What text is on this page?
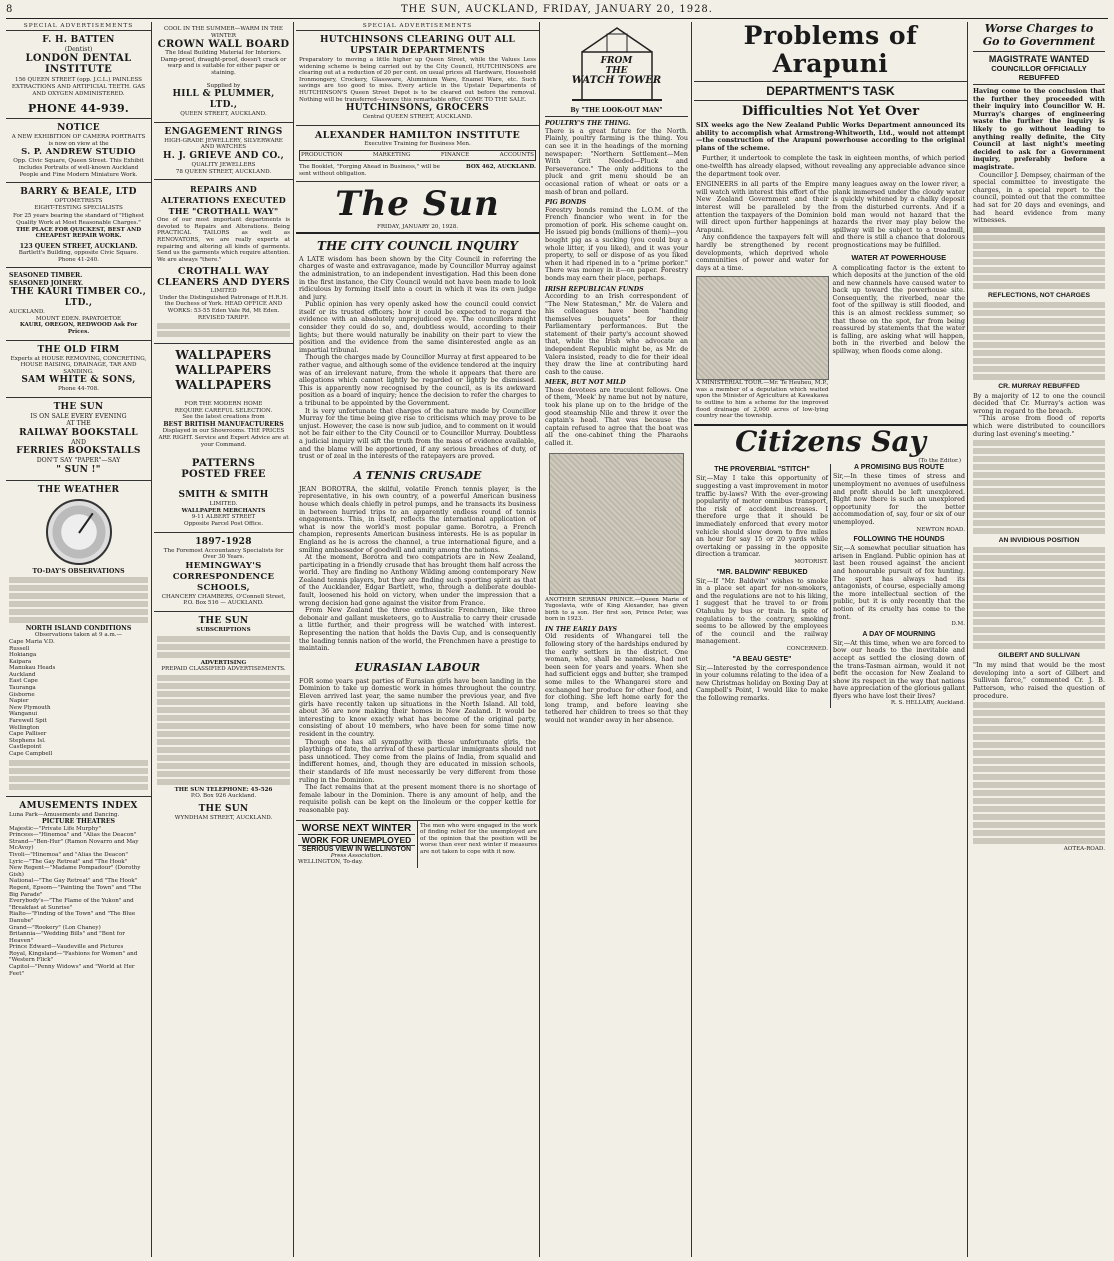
8	THE SUN, AUCKLAND, FRIDAY, JANUARY 20, 1928.
SPECIAL ADVERTISEMENTS
F. H. BATTEN
(Dentist)
LONDON DENTAL
INSTITUTE
156 QUEEN STREET (opp. J.C.L.) PAINLESS EXTRACTIONS AND ARTIFICIAL TEETH. GAS AND OXYGEN ADMINISTERED.
PHONE 44-939.
NOTICE
A NEW EXHIBITION OF CAMERA PORTRAITS is now on view at the
S. P. ANDREW STUDIO
Opp. Civic Square, Queen Street. This Exhibit includes Portraits of well-known Auckland People and Fine Modern Miniature Work.
BARRY & BEALE, LTD
OPTOMETRISTS
EIGHT-TESTING SPECIALISTS
For 25 years bearing the standard of "Highest Quality Work at Most Reasonable Charges."
THE PLACE FOR QUICKEST, BEST AND CHEAPEST REPAIR WORK.
123 QUEEN STREET, AUCKLAND.
Bartlett's Building, opposite Civic Square.
Phone 41-240.
SEASONED TIMBER.
SEASONED JOINERY.
THE KAURI TIMBER CO., LTD.,
AUCKLAND.
MOUNT EDEN. PAPATOETOE
KAURI, OREGON, REDWOOD Ask For Prices.
THE OLD FIRM
Experts at HOUSE REMOVING, CONCRETING, HOUSE RAISING, DRAINAGE, TAR AND SANDING.
SAM WHITE & SONS,
Phone 44-708.
THE SUN
IS ON SALE EVERY EVENING
AT THE
RAILWAY BOOKSTALL
AND
FERRIES BOOKSTALLS
DON'T SAY "PAPER"—SAY
" SUN !"
THE WEATHER
TO-DAY'S OBSERVATIONS
NORTH ISLAND CONDITIONS
Observations taken at 9 a.m.—
Cape Maria V.D.
Russell
Hokianga
Kaipara
Manukau Heads
Auckland
East Cape
Tauranga
Gisborne
Napier
New Plymouth
Wanganui
Farewell Spit
Wellington
Cape Palliser
Stephens Isl.
Castlepoint
Cape Campbell
AMUSEMENTS INDEX
Luna Park—Amusements and Dancing.
PICTURE THEATRES
Majestic—"Private Life Murphy"
Princess—"Hinemoa" and "Alias the Deacon"
Strand—"Ben-Hur" (Ramon Novarro and May McAvoy)
Tivoli—"Hinemoa" and "Alias the Deacon"
Lyric—"The Gay Retreat" and "The Hook"
New Regent—"Madame Pompadour" (Dorothy Gish)
National—"The Gay Retreat" and "The Hook"
Regent, Epsom—"Painting the Town" and "The Big Parade"
Everybody's—"The Flame of the Yukon" and "Breakfast at Sunrise"
Rialto—"Finding of the Town" and "The Blue Danube"
Grand—"Rookery" (Lon Chaney)
Britannia—"Wedding Bills" and "Bent for Heaven"
Prince Edward—Vaudeville and Pictures
Royal, Kingsland—"Fashions for Women" and "Western Flick"
Capitol—"Penny Widows" and "World at Her Feet"
COOL IN THE SUMMER—WARM IN THE WINTER
CROWN WALL BOARD
The Ideal Building Material for Interiors. Damp-proof, draught-proof, doesn't crack or warp and is suitable for either paper or staining.
Supplied by
HILL & PLUMMER, LTD.,
QUEEN STREET, AUCKLAND.
ENGAGEMENT RINGS
HIGH-GRADE JEWELLERY, SILVERWARE AND WATCHES
H. J. GRIEVE AND CO.,
QUALITY JEWELLERS
78 QUEEN STREET, AUCKLAND.
REPAIRS AND ALTERATIONS EXECUTED THE "CROTHALL WAY"
One of our most important departments is devoted to Repairs and Alterations. Being PRACTICAL TAILORS as well as RENOVATORS, we are really experts at repairing and altering all kinds of garments. Send us the garments which require attention. We are always "there."
CROTHALL WAY CLEANERS AND DYERS
LIMITED
Under the Distinguished Patronage of H.R.H. the Duchess of York. HEAD OFFICE AND WORKS: 53-55 Eden Vale Rd, Mt Eden. REVISED TARIFF.
WALLPAPERS
WALLPAPERS
WALLPAPERS
FOR THE MODERN HOME
REQUIRE CAREFUL SELECTION.
See the latest creations from
BEST BRITISH MANUFACTURERS
Displayed in our Showrooms. THE PRICES ARE RIGHT. Service and Expert Advice are at your Command.
PATTERNS
POSTED FREE
SMITH & SMITH
LIMITED.
WALLPAPER MERCHANTS
9-11 ALBERT STREET
Opposite Parcel Post Office.
1897-1928
The Foremost Accountancy Specialists for Over 30 Years.
HEMINGWAY'S CORRESPONDENCE SCHOOLS,
CHANCERY CHAMBERS, O'Connell Street,
P.O. Box 516 — AUCKLAND.
THE SUN
SUBSCRIPTIONS
ADVERTISING
PREPAID CLASSIFIED ADVERTISEMENTS.
THE SUN TELEPHONE: 45-526
P.O. Box 926 Auckland.
THE SUN
WYNDHAM STREET, AUCKLAND.
SPECIAL ADVERTISEMENTS
HUTCHINSONS CLEARING OUT ALL UPSTAIR DEPARTMENTS
Preparatory to moving a little higher up Queen Street, while the Values Less widening scheme is being carried out by the City Council, HUTCHINSONS are clearing out at a reduction of 20 per cent. on usual prices all Hardware, Household Ironmongery, Crockery, Glassware, Aluminium Ware, Enamel Ware, etc. Such savings are too good to miss. Every article in the Upstair Departments of HUTCHINSON'S Queen Street Depot is to be cleared out before the removal. Nothing will be transferred—hence this remarkable offer. COME TO THE SALE.
HUTCHINSONS, GROCERS
Central QUEEN STREET, AUCKLAND.
ALEXANDER HAMILTON INSTITUTE
Executive Training for Business Men.
PRODUCTION	MARKETING	FINANCE	ACCOUNTS
The Booklet, "Forging Ahead in Business," will be sent without obligation.
BOX 462, AUCKLAND.
The Sun
FRIDAY, JANUARY 20, 1928.
THE CITY COUNCIL INQUIRY
A LATE wisdom has been shown by the City Council in referring the charges of waste and extravagance, made by Councillor Murray against the administration, to an independent investigation. Had this been done in the first instance, the City Council would not have been made to look ridiculous by forming itself into a court in which it was its own judge and jury.
Public opinion has very openly asked how the council could convict itself or its trusted officers; how it could be expected to regard the evidence with an absolutely unprejudiced eye. The councillors might consider they could do so, and, doubtless would, according to their lights; but there would naturally be inability on their part to view the position and the evidence from the same disinterested angle as an impartial tribunal.
Though the charges made by Councillor Murray at first appeared to be rather vague, and although some of the evidence tendered at the inquiry was of an irrelevant nature, from the whole it appears that there are allegations which cannot lightly be regarded or lightly be dismissed. This is apparently now recognised by the council, as is its awkward position as a board of inquiry; hence the decision to refer the charges to a tribunal to be appointed by the Government.
It is very unfortunate that charges of the nature made by Councillor Murray for the time being give rise to criticisms which may prove to be unjust. However, the case is now sub judice, and to comment on it would not be fair either to the City Council or to Councillor Murray. Doubtless a judicial inquiry will sift the truth from the mass of evidence available, and the blame will be apportioned, if any serious breaches of duty, of trust or of zeal in the interests of the ratepayers are proved.
A TENNIS CRUSADE
JEAN BOROTRA, the skilful, volatile French tennis player, is the representative, in his own country, of a powerful American business house which deals chiefly in petrol pumps, and he transacts its business in between hurried trips to an apparently endless round of tennis engagements. This, in itself, reflects the international application of what is now the world's most popular game. Borotra, a French champion, represents American business interests. He is as popular in England as he is across the channel, a true international figure, and a smiling ambassador of goodwill and amity among the nations.
At the moment, Borotra and two compatriots are in New Zealand, participating in a friendly crusade that has brought them half across the world. They are finding no Anthony Wilding among contemporary New Zealand tennis players, but they are finding such sporting spirit as that of the Aucklander, Edgar Bartlett, who, through a deliberate double-fault, loosened his hold on victory, when under the impression that a wrong decision had gone against the visitor from France.
From New Zealand the three enthusiastic Frenchmen, like three debonair and gallant musketeers, go to Australia to carry their crusade a little further, and their progress will be watched with interest. Representing the nation that holds the Davis Cup, and is consequently the leading tennis nation of the world, the Frenchmen have a prestige to maintain.
EURASIAN LABOUR
FOR some years past parties of Eurasian girls have been landing in the Dominion to take up domestic work in homes throughout the country. Eleven arrived last year, the same number the previous year, and five girls have recently taken up situations in the North Island. All told, about 36 are now making their homes in New Zealand. It would be interesting to know exactly what has become of the original party, consisting of about 10 members, who have been for some time now resident in the country.
Though one has all sympathy with these unfortunate girls, the playthings of fate, the arrival of these particular immigrants should not pass unnoticed. They come from the plains of India, from squalid and indifferent homes, and, though they are educated in mission schools, their standards of life must necessarily be very different from those ruling in the Dominion.
The fact remains that at the present moment there is no shortage of female labour in the Dominion. There is any amount of help, and the requisite polish can be kept on the linoleum or the copper kettle for reasonable pay.
WORSE NEXT WINTER
WORK FOR UNEMPLOYED
SERIOUS VIEW IN WELLINGTON
Press Association.
WELLINGTON, To-day.
The men who were engaged in the work of finding relief for the unemployed are of the opinion that the position will be worse than ever next winter if measures are not taken to cope with it now.
FROM
THE
WATCH TOWER
By "THE LOOK-OUT MAN"
POULTRY'S THE THING.
There is a great future for the North. Plainly, poultry farming is the thing. You can see it in the headings of the morning newspaper: "Northern Settlement—Men With Grit Needed—Pluck and Perseverance." The only additions to the pluck and grit menu should be an occasional ration of wheat or oats or a mash of bran and pollard.
PIG BONDS
Forestry bonds remind the L.O.M. of the French financier who went in for the promotion of pork. His scheme caught on. He issued pig bonds (millions of them)—you bought pig as a sucking (you could buy a whole litter, if you liked), and it was your property, to sell or dispose of as you liked when it had ripened in to a "prime porker." There was money in it—on paper. Forestry bonds may earn their place, perhaps.
IRISH REPUBLICAN FUNDS
According to an Irish correspondent of "The New Statesman," Mr. de Valera and his colleagues have been "handing themselves bouquets" for their Parliamentary performances. But the statement of their party's account showed that, while the Irish who advocate an independent Republic might be, as Mr. de Valera insisted, ready to die for their ideal they draw the line at contributing hard cash to the cause.
MEEK, BUT NOT MILD
Those devotees are truculent fellows. One of them, 'Meek' by name but not by nature, took his plane up on to the bridge of the good steamship Nile and threw it over the captain's head. That was because the captain refused to agree that the boat was all the one-cabinet thing the Pharaohs called it.
ANOTHER SERBIAN PRINCE.—Queen Marie of Yugoslavia, wife of King Alexander, has given birth to a son. Her first son, Prince Peter, was born in 1923.
IN THE EARLY DAYS
Old residents of Whangarei tell the following story of the hardships endured by the early settlers in the district. One woman, who, shall be nameless, had not been seen for years and years. When she had sufficient eggs and butter, she tramped some miles to the Whangarei store and exchanged her produce for other food, and for clothing. She left home early for the long tramp, and before leaving she tethered her children to trees so that they would not wander away in her absence.
Problems of Arapuni
DEPARTMENT'S TASK
Difficulties Not Yet Over
SIX weeks ago the New Zealand Public Works Department announced its ability to accomplish what Armstrong-Whitworth, Ltd., would not attempt—the construction of the Arapuni powerhouse according to the original plans of the scheme.
Further, it undertook to complete the task in eighteen months, of which period one-twelfth has already elapsed, without revealing any appreciable advance since the department took over.
ENGINEERS in all parts of the Empire will watch with interest this effort of the New Zealand Government and their interest will be paralleled by the attention the taxpayers of the Dominion will direct upon further happenings at Arapuni.
Any confidence the taxpayers felt will hardly be strengthened by recent developments, which deprived whole communities of power and water for days at a time.
A MINISTERIAL TOUR.—Mr. Te Heuheu, M.P., was a member of a deputation which waited upon the Minister of Agriculture at Kawakawa to outline to him a scheme for the improved flood drainage of 2,000 acres of low-lying country near the township.
many leagues away on the lower river, a plank immersed under the cloudy water is quickly whitened by a chalky deposit from the disturbed currents. And if a bold man would not hazard that the hazards the river may play below the spillway will be subject to a treadmill, and there is still a chance that dolorous prognostications may be fulfilled.
WATER AT POWERHOUSE
A complicating factor is the extent to which deposits at the junction of the old and new channels have caused water to back up toward the powerhouse site. Consequently, the riverbed, near the foot of the spillway is still flooded, and this is an almost reckless summer, so that those on the spot, far from being reassured by statements that the water is falling, are asking what will happen, both in the riverbed and below the spillway, when floods come along.
Citizens Say
(To the Editor.)
THE PROVERBIAL "STITCH"
Sir,—May I take this opportunity of suggesting a vast improvement in motor traffic by-laws? With the ever-growing popularity of motor omnibus transport, the risk of accident increases. I therefore urge that it should be immediately enforced that every motor vehicle should slow down to five miles an hour for say 15 or 20 yards while overtaking or passing in the opposite direction a tramcar.
MOTORIST.
"MR. BALDWIN" REBUKED
Sir,—If "Mr. Baldwin" wishes to smoke in a place set apart for non-smokers, and the regulations are not to his liking, I suggest that he travel to or from Otahuhu by bus or train. In spite of regulations to the contrary, smoking seems to be allowed by the employees of the council and the railway management.
CONCERNED.
"A BEAU GESTE"
Sir,—Interested by the correspondence in your columns relating to the idea of a new Christmas holiday on Boxing Day at Campbell's Point, I would like to make the following remarks.
A PROMISING BUS ROUTE
Sir,—In these times of stress and unemployment no avenues of usefulness and profit should be left unexplored. Right now there is such an unexplored opportunity for the better accommodation of, say, four or six of our unemployed.
NEWTON ROAD.
FOLLOWING THE HOUNDS
Sir,—A somewhat peculiar situation has arisen in England. Public opinion has at last been roused against the ancient and honourable pursuit of fox hunting. The sport has always had its antagonists, of course, especially among the more intellectual section of the public, but it is only recently that the notion of its cruelty has come to the front.
D.M.
A DAY OF MOURNING
Sir,—At this time, when we are forced to bow our heads to the inevitable and accept as settled the closing down of the trans-Tasman airman, would it not befit the occasion for New Zealand to show its respect in the way that nations have appreciation of the glorious gallant flyers who have lost their lives?
R. S. HELLABY, Auckland.
Worse Charges to
Go to Government
MAGISTRATE WANTED
COUNCILLOR OFFICIALLY REBUFFED
Having come to the conclusion that the further they proceeded with their inquiry into Councillor W. H. Murray's charges of engineering waste the further the inquiry is likely to go without leading to anything really definite, the City Council at last night's meeting decided to ask for a Government inquiry, preferably before a magistrate.
Councillor J. Dempsey, chairman of the special committee to investigate the charges, in a special report to the council, pointed out that the committee had sat for 20 days and evenings, and had heard evidence from many witnesses.
REFLECTIONS, NOT CHARGES
CR. MURRAY REBUFFED
By a majority of 12 to one the council decided that Cr. Murray's action was wrong in regard to the breach.
"This arose from flood of reports which were distributed to councillors during last evening's meeting."
AN INVIDIOUS POSITION
GILBERT AND SULLIVAN
"In my mind that would be the most developing into a sort of Gilbert and Sullivan farce," commented Cr. J. B. Patterson, who raised the question of procedure.
AOTEA-ROAD.
